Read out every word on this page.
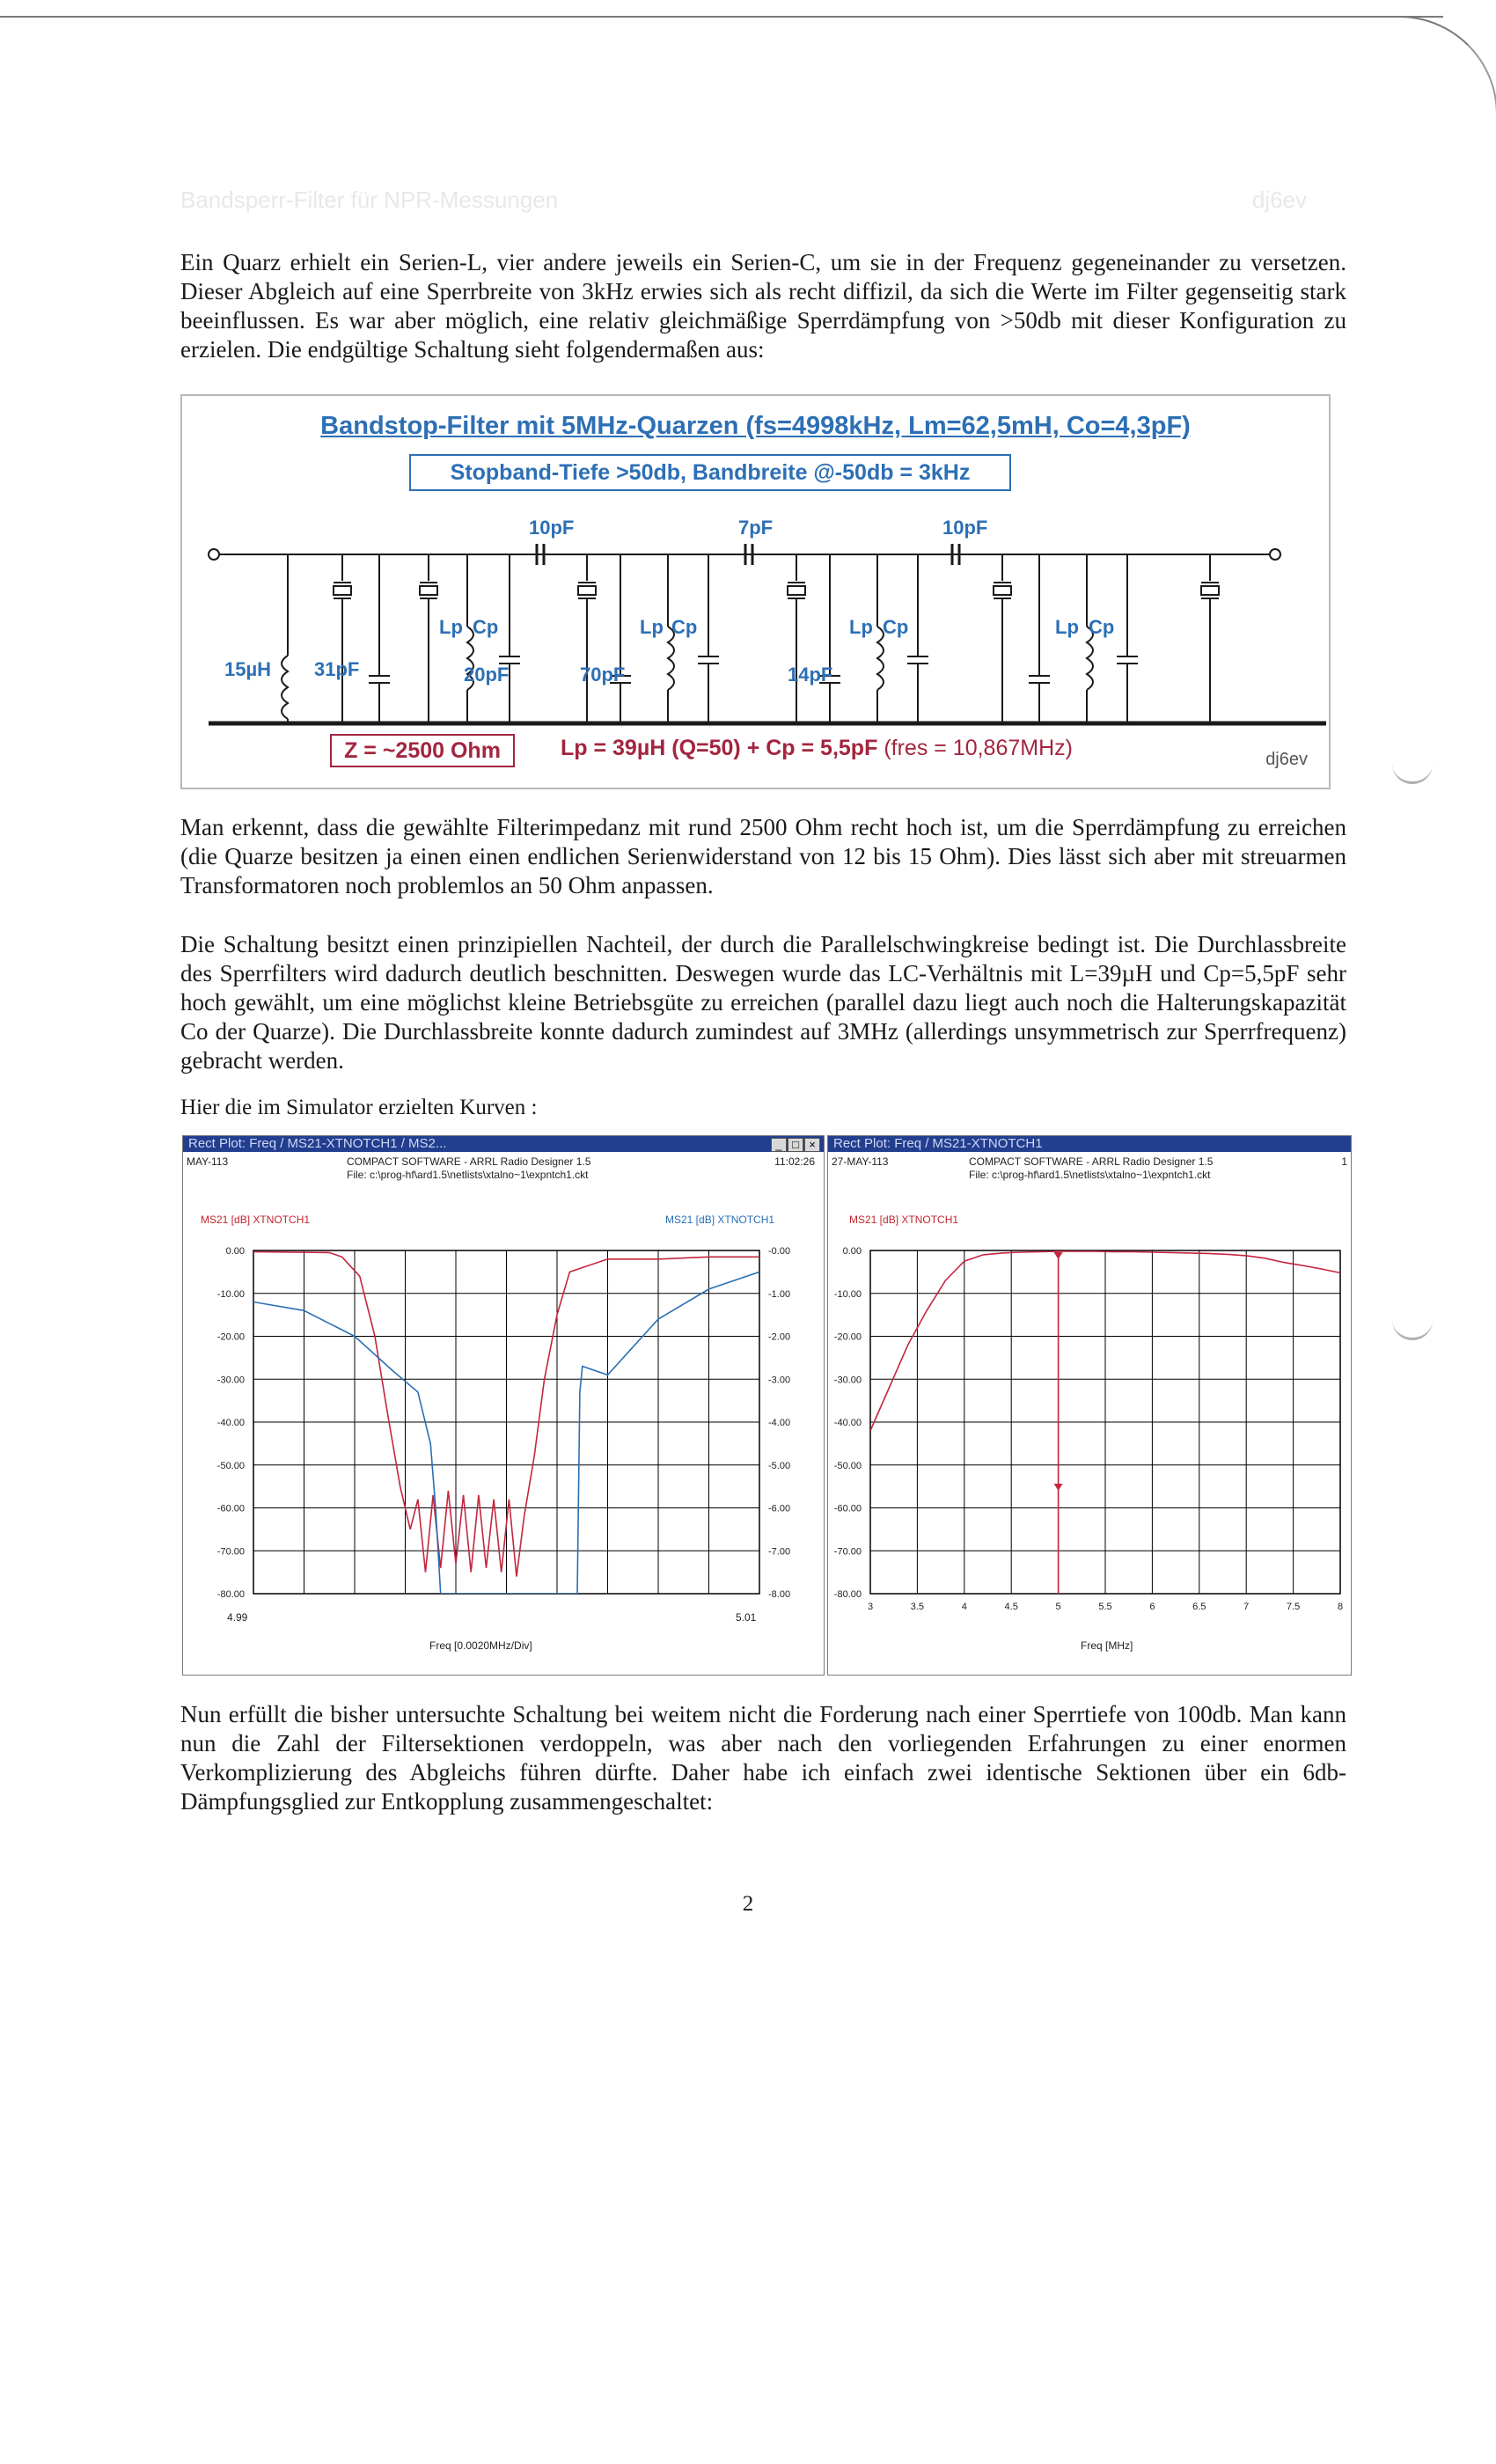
Bandsperr-Filter für NPR-Messungen	dj6ev

Ein Quarz erhielt ein Serien-L, vier andere jeweils ein Serien-C, um sie in der Frequenz gegeneinander zu versetzen. Dieser Abgleich auf eine Sperrbreite von 3kHz erwies sich als recht diffizil, da sich die Werte im Filter gegenseitig stark beeinflussen. Es war aber möglich, eine relativ gleichmäßige Sperrdämpfung von >50db mit dieser Konfiguration zu erzielen. Die endgültige Schaltung sieht folgendermaßen aus:

10pF	7pF	10pF
15µH 31pF
Lp Cp
20pF
Lp Cp
70pF
Lp Cp
14pF
Lp Cp
Bandstop-Filter mit 5MHz-Quarzen (fs=4998kHz, Lm=62,5mH, Co=4,3pF)
Stopband-Tiefe >50db, Bandbreite @-50db = 3kHz
Z = ~2500 Ohm	Lp = 39µH (Q=50) + Cp = 5,5pF (fres = 10,867MHz)	dj6ev

Man erkennt, dass die gewählte Filterimpedanz mit rund 2500 Ohm recht hoch ist, um die Sperrdämpfung zu erreichen (die Quarze besitzen ja einen einen endlichen Serienwiderstand von 12 bis 15 Ohm). Dies lässt sich aber mit streuarmen Transformatoren noch problemlos an 50 Ohm anpassen.

Die Schaltung besitzt einen prinzipiellen Nachteil, der durch die Parallelschwingkreise bedingt ist. Die Durchlassbreite des Sperrfilters wird dadurch deutlich beschnitten. Deswegen wurde das LC-Verhältnis mit L=39µH und Cp=5,5pF sehr hoch gewählt, um eine möglichst kleine Betriebsgüte zu erreichen (parallel dazu liegt auch noch die Halterungskapazität Co der Quarze). Die Durchlassbreite konnte dadurch zumindest auf 3MHz (allerdings unsymmetrisch zur Sperrfrequenz) gebracht werden.

Hier die im Simulator erzielten Kurven :
Rect Plot: Freq / MS21-XTNOTCH1 / MS2...	_ □ ×
MAY-113	COMPACT SOFTWARE - ARRL Radio Designer 1.5	11:02:26
File: c:\prog-hf\ard1.5\netlists\xtalno~1\expntch1.ckt
MS21 [dB] XTNOTCH1	MS21 [dB] XTNOTCH1
4.99	5.01
Freq [0.0020MHz/Div]
0.00	-0.00
-10.00	-1.00
-20.00	-2.00
-30.00	-3.00
-40.00	-4.00
-50.00	-5.00
-60.00	-6.00
-70.00	-7.00
-80.00	-8.00
Rect Plot: Freq / MS21-XTNOTCH1
27-MAY-113	COMPACT SOFTWARE - ARRL Radio Designer 1.5	1
File: c:\prog-hf\ard1.5\netlists\xtalno~1\expntch1.ckt
MS21 [dB] XTNOTCH1
Freq [MHz]
0.00
-10.00
-20.00
-30.00
-40.00
-50.00
-60.00
-70.00
-80.00
3	3.5	4	4.5	5	5.5	6	6.5	7	7.5	8

Nun erfüllt die bisher untersuchte Schaltung bei weitem nicht die Forderung nach einer Sperrtiefe von 100db. Man kann nun die Zahl der Filtersektionen verdoppeln, was aber nach den vorliegenden Erfahrungen zu einer enormen Verkomplizierung des Abgleichs führen dürfte. Daher habe ich einfach zwei identische Sektionen über ein 6db-Dämpfungsglied zur Entkopplung zusammengeschaltet:

2
